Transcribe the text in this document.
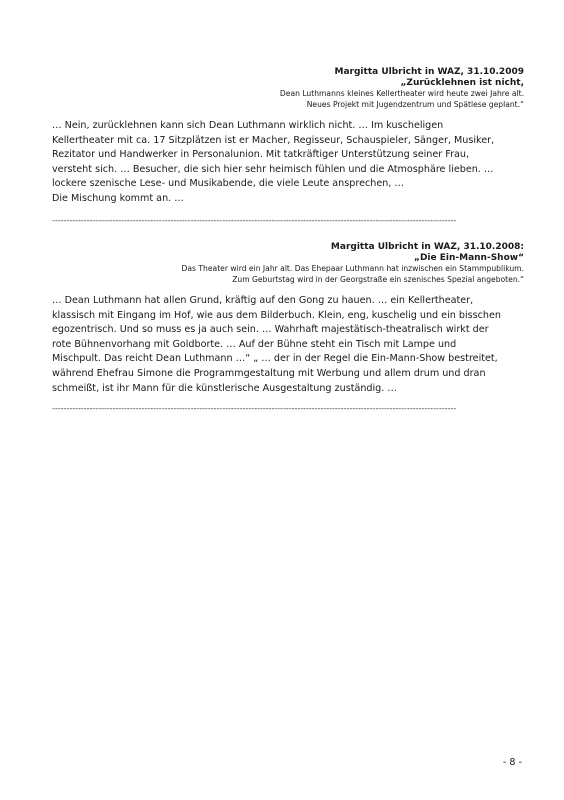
Margitta Ulbricht in WAZ, 31.10.2009
„Zurücklehnen ist nicht,
Dean Luthmanns kleines Kellertheater wird heute zwei Jahre alt.
Neues Projekt mit Jugendzentrum und Spätlese geplant.“

… Nein, zurücklehnen kann sich Dean Luthmann wirklich nicht. … Im kuscheligen
Kellertheater mit ca. 17 Sitzplätzen ist er Macher, Regisseur, Schauspieler, Sänger, Musiker,
Rezitator und Handwerker in Personalunion. Mit tatkräftiger Unterstützung seiner Frau,
versteht sich. … Besucher, die sich hier sehr heimisch fühlen und die Atmosphäre lieben. …
lockere szenische Lese- und Musikabende, die viele Leute ansprechen, …
Die Mischung kommt an. …

--------------------------------------------------------------------------------------------------------------------------------------------
Margitta Ulbricht in WAZ, 31.10.2008:
„Die Ein-Mann-Show“
Das Theater wird ein Jahr alt. Das Ehepaar Luthmann hat inzwischen ein Stammpublikum.
Zum Geburtstag wird in der Georgstraße ein szenisches Spezial angeboten.“

… Dean Luthmann hat allen Grund, kräftig auf den Gong zu hauen. … ein Kellertheater,
klassisch mit Eingang im Hof, wie aus dem Bilderbuch. Klein, eng, kuschelig und ein bisschen
egozentrisch. Und so muss es ja auch sein. … Wahrhaft majestätisch-theatralisch wirkt der
rote Bühnenvorhang mit Goldborte. … Auf der Bühne steht ein Tisch mit Lampe und
Mischpult. Das reicht Dean Luthmann …“ „ … der in der Regel die Ein-Mann-Show bestreitet,
während Ehefrau Simone die Programmgestaltung mit Werbung und allem drum und dran
schmeißt, ist ihr Mann für die künstlerische Ausgestaltung zuständig. …

--------------------------------------------------------------------------------------------------------------------------------------------
- 8 -
